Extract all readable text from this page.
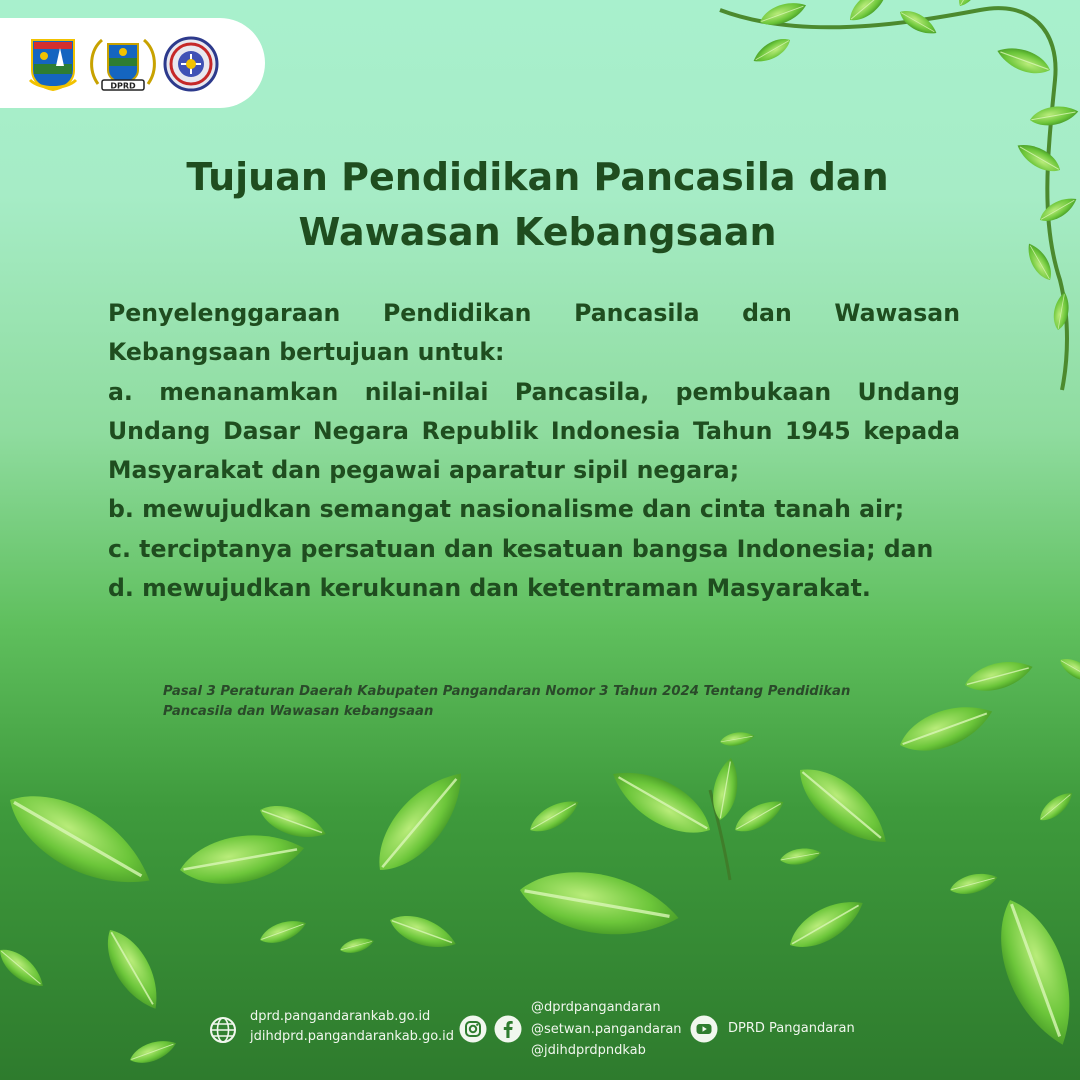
DPRD
Tujuan Pendidikan Pancasila dan
Wawasan Kebangsaan

Penyelenggaraan Pendidikan Pancasila dan Wawasan Kebangsaan bertujuan untuk:

a. menanamkan nilai-nilai Pancasila, pembukaan Undang Undang Dasar Negara Republik Indonesia Tahun 1945 kepada Masyarakat dan pegawai aparatur sipil negara;

b. mewujudkan semangat nasionalisme dan cinta tanah air;

c. terciptanya persatuan dan kesatuan bangsa Indonesia; dan

d. mewujudkan kerukunan dan ketentraman Masyarakat.

Pasal 3 Peraturan Daerah Kabupaten Pangandaran Nomor 3 Tahun 2024 Tentang Pendidikan
Pancasila dan Wawasan kebangsaan
dprd.pangandarankab.go.id
jdihdprd.pangandarankab.go.id
@dprdpangandaran
@setwan.pangandaran
@jdihdprdpndkab
DPRD Pangandaran
